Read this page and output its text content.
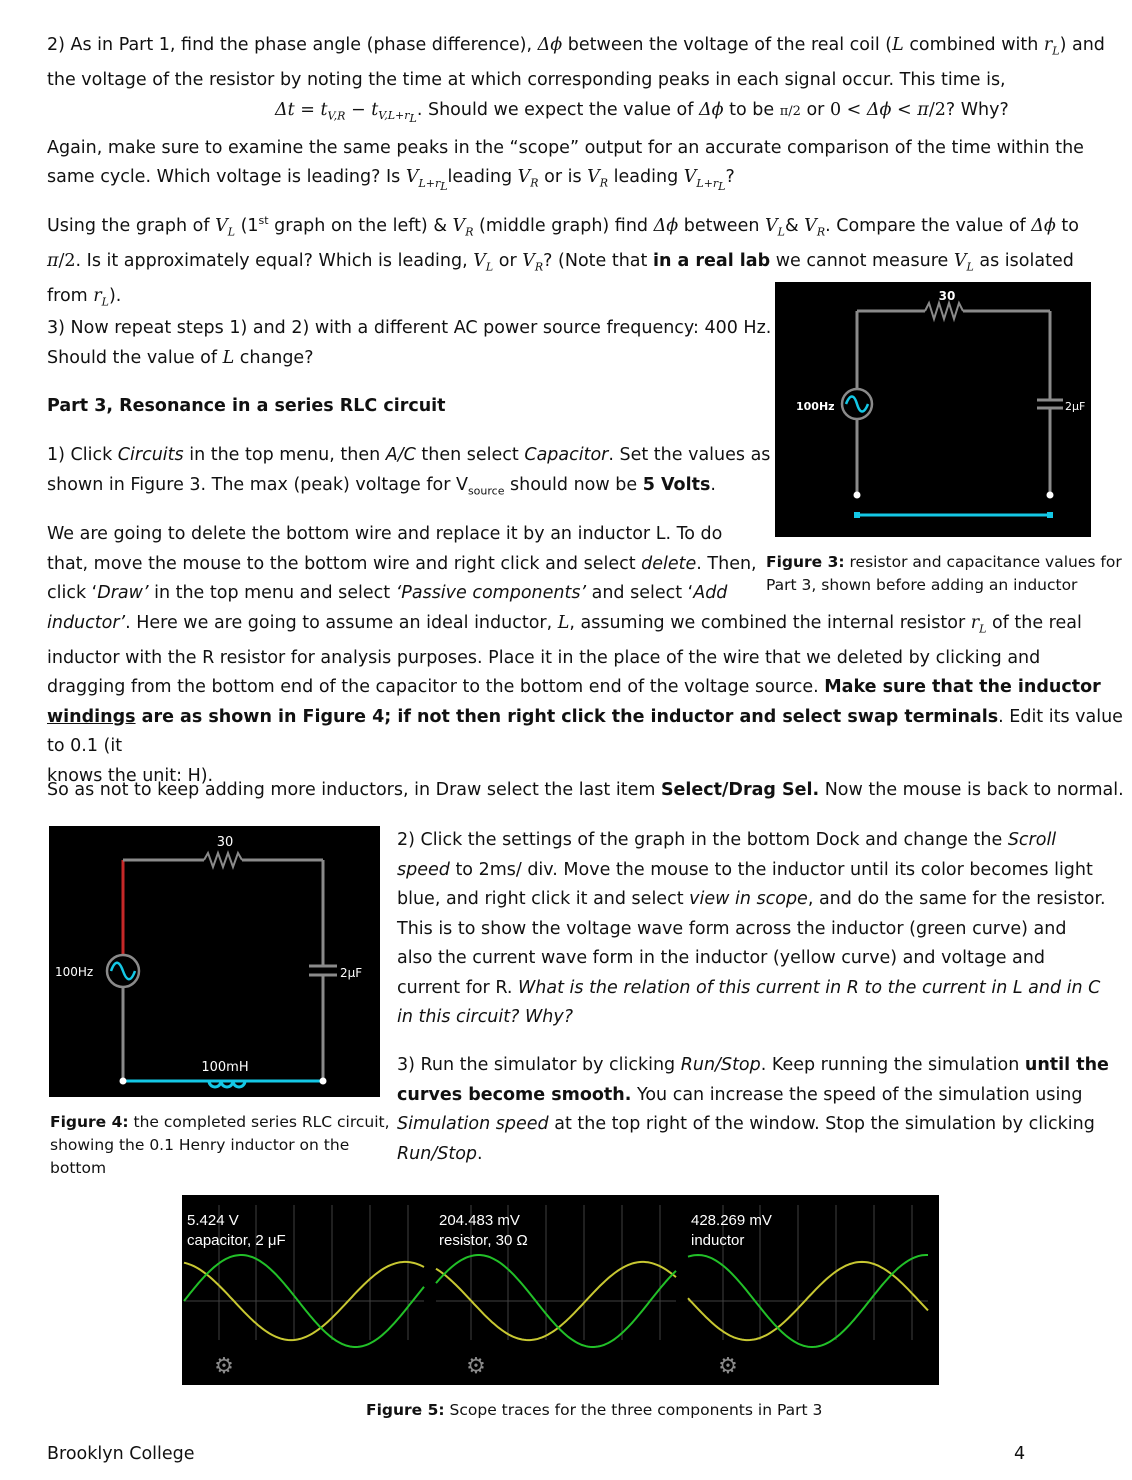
2) As in Part 1, find the phase angle (phase difference), Δϕ between the voltage of the real coil (L combined with $r_L$) and
the voltage of the resistor by noting the time at which corresponding peaks in each signal occur. This time is,
$\Delta t = t_{V,R} - t_{V,L+r_L}$. Should we expect the value of Δϕ to be π/2 or 0 < Δϕ < π/2? Why?
Again, make sure to examine the same peaks in the “scope” output for an accurate comparison of the time within the
same cycle. Which voltage is leading? Is $V_{L+r_L}leading$ $V_R$ or is $V_R$ leading $V_{L+r_L}$?
Using the graph of $V_L$ (1st graph on the left) & $V_R$ (middle graph) find Δϕ between $V_L\&$ $V_R$. Compare the value of Δϕ to
π/2. Is it approximately equal? Which is leading, $V_L$ or $V_R$? (Note that in a real lab we cannot measure $V_L$ as isolated
from $r_L$).
3) Now repeat steps 1) and 2) with a different AC power source frequency: 400 Hz.
Should the value of L change?
Part 3, Resonance in a series RLC circuit
1) Click Circuits in the top menu, then A/C then select Capacitor. Set the values as
shown in Figure 3. The max (peak) voltage for $V_{source}$ should now be 5 Volts.
We are going to delete the bottom wire and replace it by an inductor L. To do
that, move the mouse to the bottom wire and right click and select delete. Then,
click ‘Draw’ in the top menu and select ‘Passive components’ and select ‘Add
inductor’. Here we are going to assume an ideal inductor, L, assuming we combined the internal resistor $r_L$ of the real
inductor with the R resistor for analysis purposes. Place it in the place of the wire that we deleted by clicking and
dragging from the bottom end of the capacitor to the bottom end of the voltage source. Make sure that the inductor
windings are as shown in Figure 4; if not then right click the inductor and select swap terminals. Edit its value to 0.1 (it
knows the unit: H).
So as not to keep adding more inductors, in Draw select the last item Select/Drag Sel. Now the mouse is back to normal.
2) Click the settings of the graph in the bottom Dock and change the Scroll
speed to 2ms/ div. Move the mouse to the inductor until its color becomes light
blue, and right click it and select view in scope, and do the same for the resistor.
This is to show the voltage wave form across the inductor (green curve) and
also the current wave form in the inductor (yellow curve) and voltage and
current for R. What is the relation of this current in R to the current in L and in C
in this circuit? Why?
3) Run the simulator by clicking Run/Stop. Keep running the simulation until the
curves become smooth. You can increase the speed of the simulation using
Simulation speed at the top right of the window. Stop the simulation by clicking
Run/Stop.
30
100Hz	2μF
Figure 3: resistor and capacitance values for
Part 3, shown before adding an inductor
30
100Hz	2μF
100mH
Figure 4: the completed series RLC circuit,
showing the 0.1 Henry inductor on the
bottom
5.424 V
capacitor, 2 μF
⚙
204.483 mV
resistor, 30 Ω
⚙
428.269 mV
inductor
⚙
Figure 5: Scope traces for the three components in Part 3
Brooklyn College	4
